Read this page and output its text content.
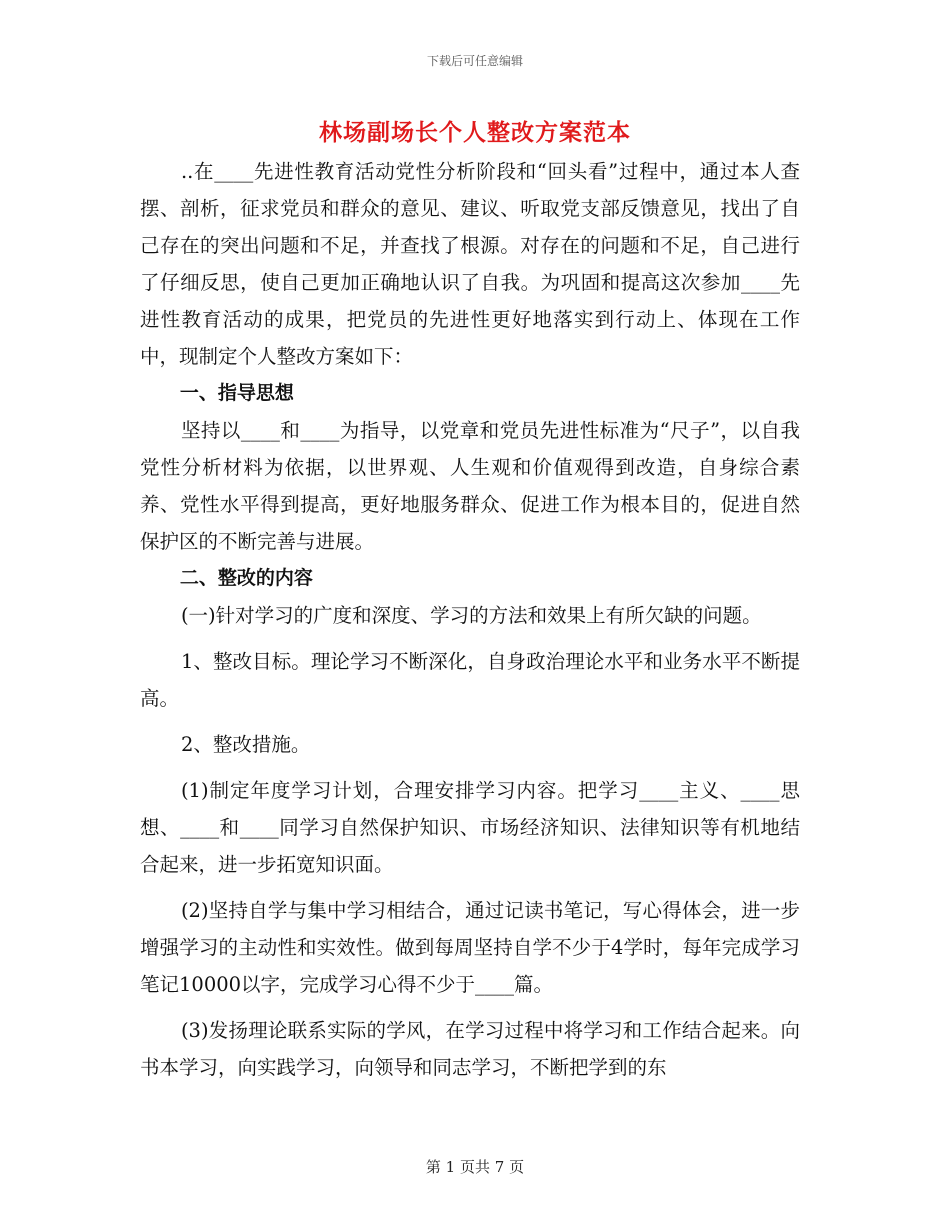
下载后可任意编辑
林场副场长个人整改方案范本

..在____先进性教育活动党性分析阶段和“回头看”过程中，通过本人查摆、剖析，征求党员和群众的意见、建议、听取党支部反馈意见，找出了自己存在的突出问题和不足，并查找了根源。对存在的问题和不足，自己进行了仔细反思，使自己更加正确地认识了自我。为巩固和提高这次参加____先进性教育活动的成果，把党员的先进性更好地落实到行动上、体现在工作中，现制定个人整改方案如下：

一、指导思想

坚持以____和____为指导，以党章和党员先进性标准为“尺子”，以自我党性分析材料为依据，以世界观、人生观和价值观得到改造，自身综合素养、党性水平得到提高，更好地服务群众、促进工作为根本目的，促进自然保护区的不断完善与进展。

二、整改的内容

(一)针对学习的广度和深度、学习的方法和效果上有所欠缺的问题。

1、整改目标。理论学习不断深化，自身政治理论水平和业务水平不断提高。

2、整改措施。

(1)制定年度学习计划，合理安排学习内容。把学习____主义、____思想、____和____同学习自然保护知识、市场经济知识、法律知识等有机地结合起来，进一步拓宽知识面。

(2)坚持自学与集中学习相结合，通过记读书笔记，写心得体会，进一步增强学习的主动性和实效性。做到每周坚持自学不少于4学时，每年完成学习笔记10000以字，完成学习心得不少于____篇。

(3)发扬理论联系实际的学风，在学习过程中将学习和工作结合起来。向书本学习，向实践学习，向领导和同志学习，不断把学到的东

第 1 页共 7 页
